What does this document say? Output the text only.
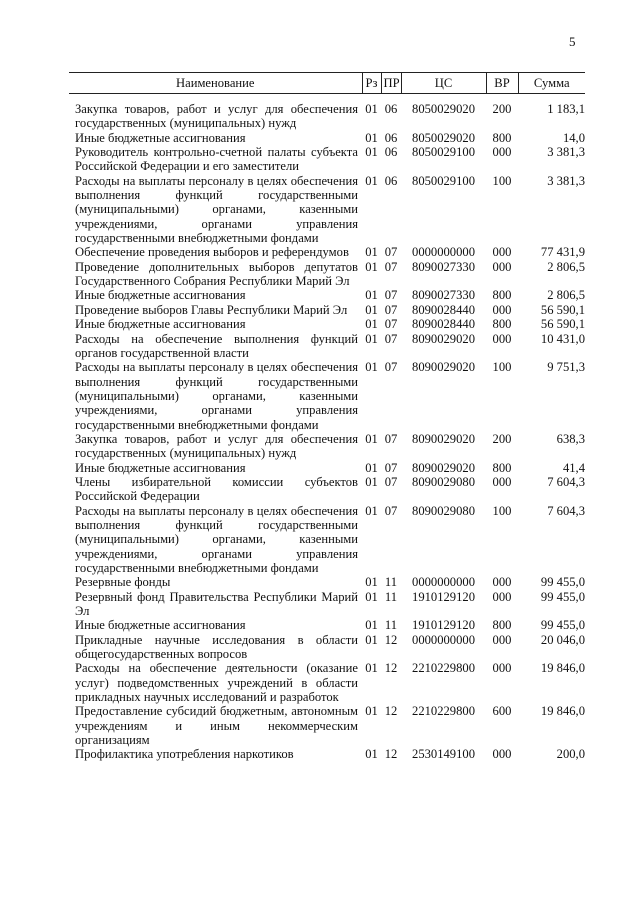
5
Наименование	Рз	ПР	ЦС	ВР	Сумма

Закупка товаров, работ и услуг для обеспечения государственных (муниципальных) нужд	01	06	8050029020	200	1 183,1
Иные бюджетные ассигнования	01	06	8050029020	800	14,0
Руководитель контрольно-счетной палаты субъекта Российской Федерации и его заместители	01	06	8050029100	000	3 381,3
Расходы на выплаты персоналу в целях обеспечения выполнения функций государственными (муниципальными) органами, казенными учреждениями, органами управления государственными внебюджетными фондами	01	06	8050029100	100	3 381,3
Обеспечение проведения выборов и референдумов	01	07	0000000000	000	77 431,9
Проведение дополнительных выборов депутатов Государственного Собрания Республики Марий Эл	01	07	8090027330	000	2 806,5
Иные бюджетные ассигнования	01	07	8090027330	800	2 806,5
Проведение выборов Главы Республики Марий Эл	01	07	8090028440	000	56 590,1
Иные бюджетные ассигнования	01	07	8090028440	800	56 590,1
Расходы на обеспечение выполнения функций органов государственной власти	01	07	8090029020	000	10 431,0
Расходы на выплаты персоналу в целях обеспечения выполнения функций государственными (муниципальными) органами, казенными учреждениями, органами управления государственными внебюджетными фондами	01	07	8090029020	100	9 751,3
Закупка товаров, работ и услуг для обеспечения государственных (муниципальных) нужд	01	07	8090029020	200	638,3
Иные бюджетные ассигнования	01	07	8090029020	800	41,4
Члены избирательной комиссии субъектов Российской Федерации	01	07	8090029080	000	7 604,3
Расходы на выплаты персоналу в целях обеспечения выполнения функций государственными (муниципальными) органами, казенными учреждениями, органами управления государственными внебюджетными фондами	01	07	8090029080	100	7 604,3
Резервные фонды	01	11	0000000000	000	99 455,0
Резервный фонд Правительства Республики Марий Эл	01	11	1910129120	000	99 455,0
Иные бюджетные ассигнования	01	11	1910129120	800	99 455,0
Прикладные научные исследования в области общегосударственных вопросов	01	12	0000000000	000	20 046,0
Расходы на обеспечение деятельности (оказание услуг) подведомственных учреждений в области прикладных научных исследований и разработок	01	12	2210229800	000	19 846,0
Предоставление субсидий бюджетным, автономным учреждениям и иным некоммерческим организациям	01	12	2210229800	600	19 846,0
Профилактика употребления наркотиков	01	12	2530149100	000	200,0
